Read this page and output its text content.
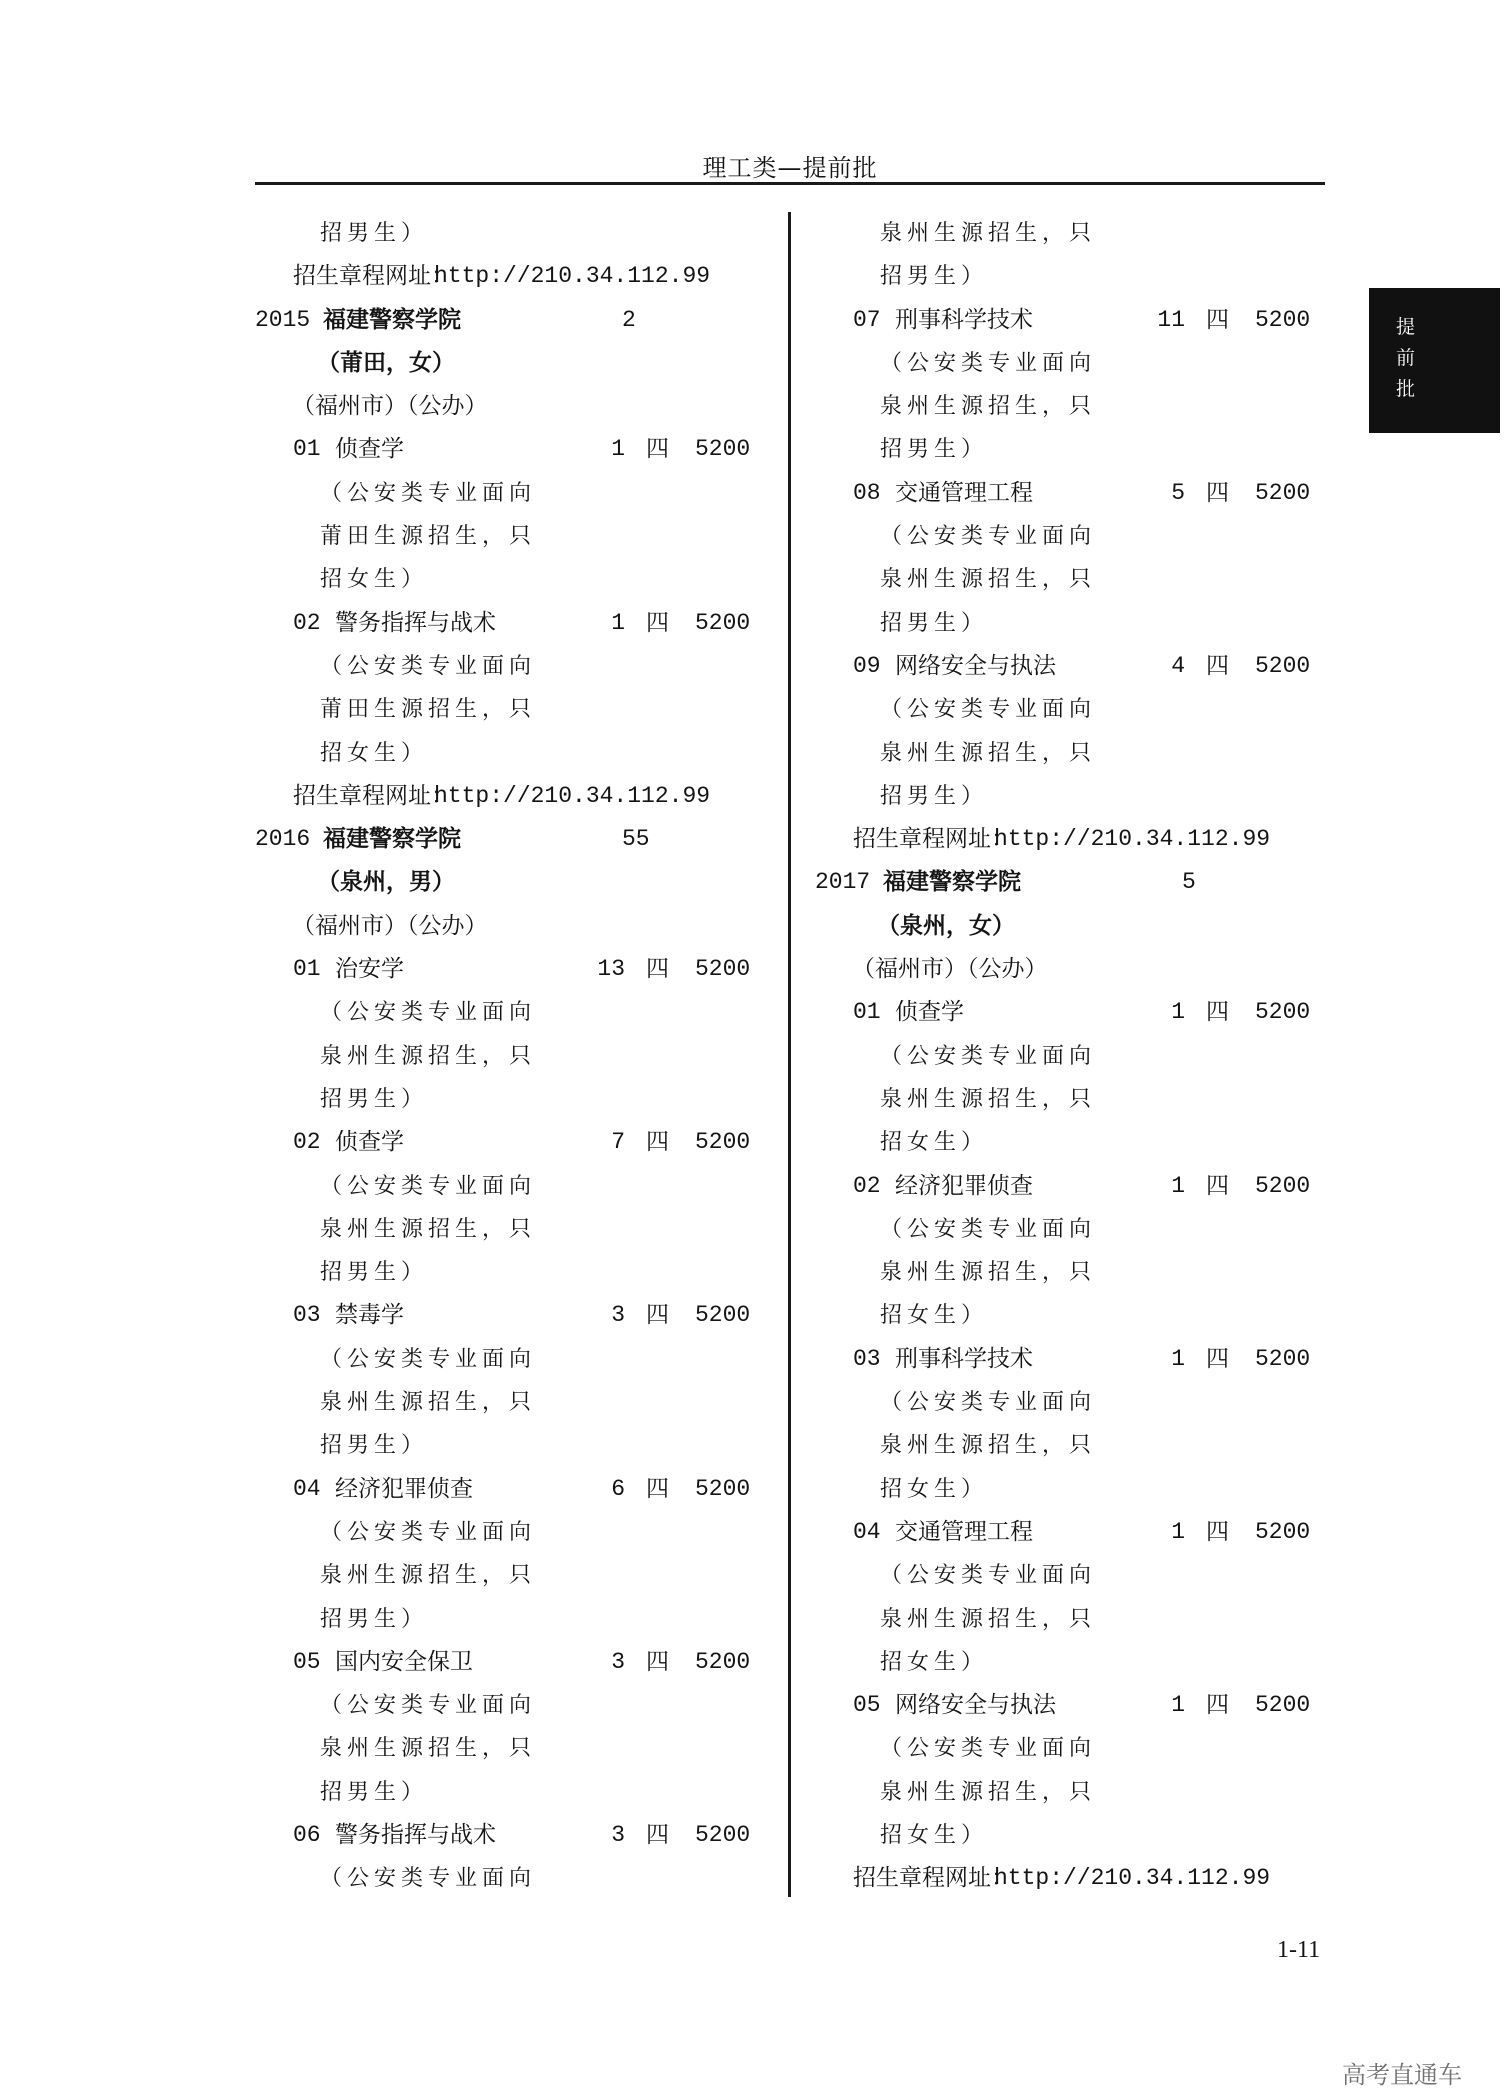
理工类—提前批
提
前
批
招男生）
招生章程网址：
http://210.34.112.99
2015 福建警察学院	2
（莆田，女）
（福州市）（公办）
01 侦查学	1 四 5200
（公安类专业面向
莆田生源招生，只
招女生）
02 警务指挥与战术	1 四 5200
（公安类专业面向
莆田生源招生，只
招女生）
招生章程网址：
http://210.34.112.99
2016 福建警察学院	55
（泉州，男）
（福州市）（公办）
01 治安学	13 四 5200
（公安类专业面向
泉州生源招生，只
招男生）
02 侦查学	7 四 5200
（公安类专业面向
泉州生源招生，只
招男生）
03 禁毒学	3 四 5200
（公安类专业面向
泉州生源招生，只
招男生）
04 经济犯罪侦查	6 四 5200
（公安类专业面向
泉州生源招生，只
招男生）
05 国内安全保卫	3 四 5200
（公安类专业面向
泉州生源招生，只
招男生）
06 警务指挥与战术	3 四 5200
（公安类专业面向
泉州生源招生，只
招男生）
07 刑事科学技术	11 四 5200
（公安类专业面向
泉州生源招生，只
招男生）
08 交通管理工程	5 四 5200
（公安类专业面向
泉州生源招生，只
招男生）
09 网络安全与执法	4 四 5200
（公安类专业面向
泉州生源招生，只
招男生）
招生章程网址：
http://210.34.112.99
2017 福建警察学院	5
（泉州，女）
（福州市）（公办）
01 侦查学	1 四 5200
（公安类专业面向
泉州生源招生，只
招女生）
02 经济犯罪侦查	1 四 5200
（公安类专业面向
泉州生源招生，只
招女生）
03 刑事科学技术	1 四 5200
（公安类专业面向
泉州生源招生，只
招女生）
04 交通管理工程	1 四 5200
（公安类专业面向
泉州生源招生，只
招女生）
05 网络安全与执法	1 四 5200
（公安类专业面向
泉州生源招生，只
招女生）
招生章程网址：
http://210.34.112.99
1-11
高考直通车
